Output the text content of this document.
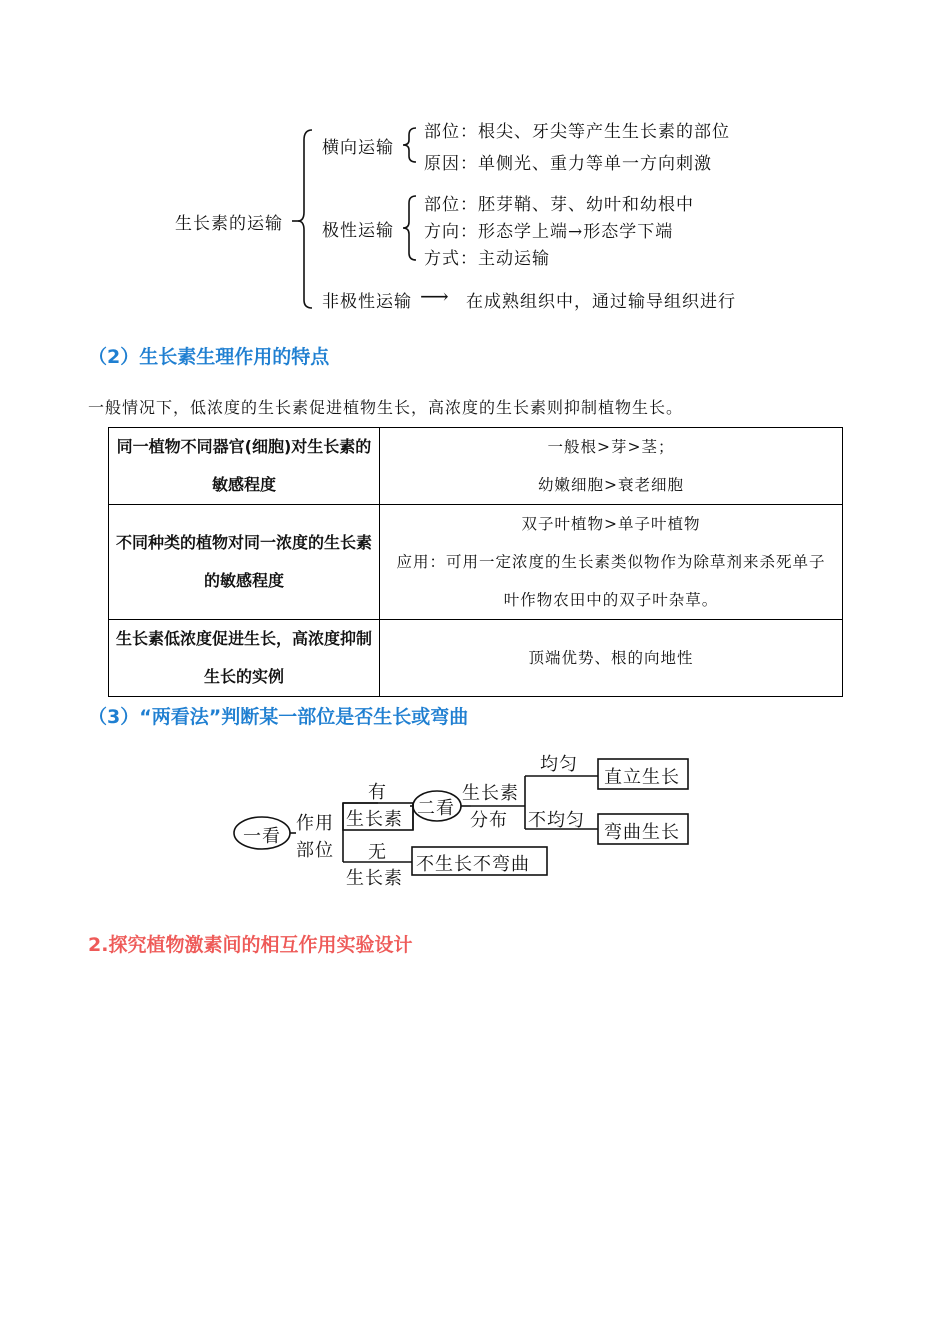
生长素的运输
横向运输
部位：根尖、牙尖等产生生长素的部位
原因：单侧光、重力等单一方向刺激
极性运输
部位：胚芽鞘、芽、幼叶和幼根中
方向：形态学上端→形态学下端
方式：主动运输
非极性运输 ⟶ 在成熟组织中，通过输导组织进行
（2）生长素生理作用的特点
一般情况下，低浓度的生长素促进植物生长，高浓度的生长素则抑制植物生长。
同一植物不同器官(细胞)对生长素的敏感程度	一般根>芽>茎；
幼嫩细胞>衰老细胞

不同种类的植物对同一浓度的生长素的敏感程度	双子叶植物>单子叶植物
应用：可用一定浓度的生长素类似物作为除草剂来杀死单子叶作物农田中的双子叶杂草。

生长素低浓度促进生长，高浓度抑制生长的实例	顶端优势、根的向地性
（3）“两看法”判断某一部位是否生长或弯曲
一看
作用
部位
有
生长素
无
生长素
不生长不弯曲
二看
生长素
分布
均匀
不均匀
直立生长
弯曲生长
2.探究植物激素间的相互作用实验设计
